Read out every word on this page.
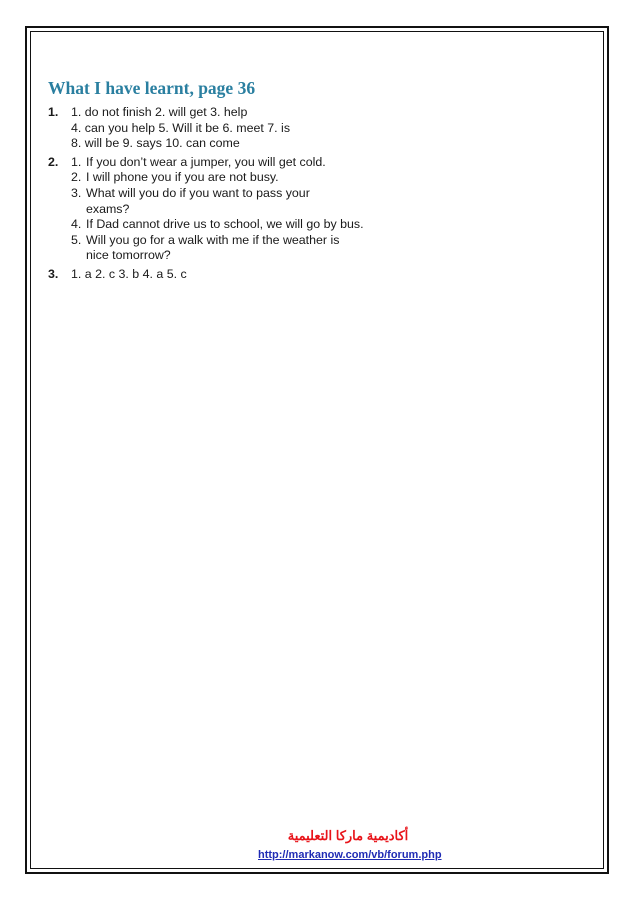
What I have learnt, page 36
1. 1. do not finish 2. will get 3. help
4. can you help 5. Will it be 6. meet 7. is
8. will be 9. says 10. can come
2. 1. If you don’t wear a jumper, you will get cold.
2. I will phone you if you are not busy.
3. What will you do if you want to pass your exams?
4. If Dad cannot drive us to school, we will go by bus.
5. Will you go for a walk with me if the weather is nice tomorrow?
3. 1. a 2. c 3. b 4. a 5. c
أكاديمية ماركا التعليمية
http://markanow.com/vb/forum.php
